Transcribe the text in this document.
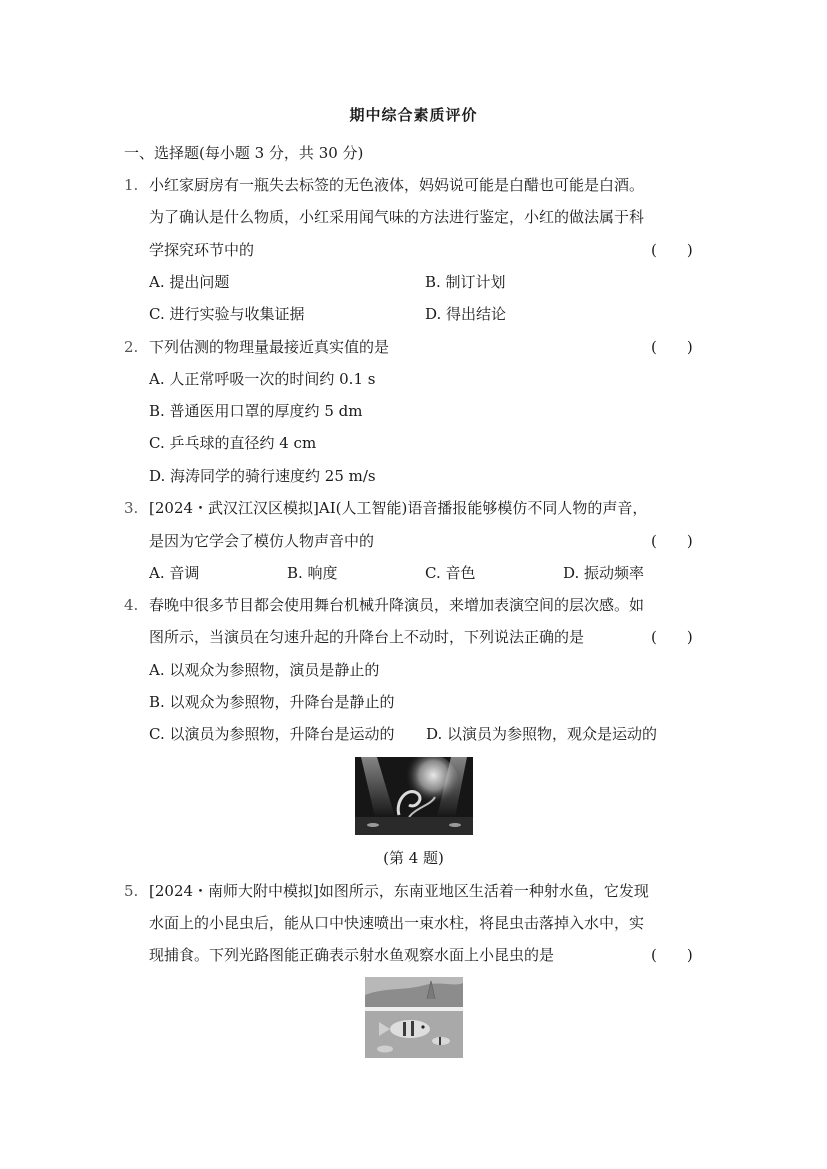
期中综合素质评价
一、选择题(每小题 3 分，共 30 分)
1. 小红家厨房有一瓶失去标签的无色液体，妈妈说可能是白醋也可能是白酒。
为了确认是什么物质，小红采用闻气味的方法进行鉴定，小红的做法属于科
学探究环节中的	(　　)
A. 提出问题	B. 制订计划
C. 进行实验与收集证据	D. 得出结论
2. 下列估测的物理量最接近真实值的是	(　　)
A. 人正常呼吸一次的时间约 0.1 s
B. 普通医用口罩的厚度约 5 dm
C. 乒乓球的直径约 4 cm
D. 海涛同学的骑行速度约 25 m/s
3. [2024・武汉江汉区模拟]AI(人工智能)语音播报能够模仿不同人物的声音，
是因为它学会了模仿人物声音中的	(　　)
A. 音调	B. 响度	C. 音色	D. 振动频率
4. 春晚中很多节目都会使用舞台机械升降演员，来增加表演空间的层次感。如
图所示，当演员在匀速升起的升降台上不动时，下列说法正确的是	(　　)
A. 以观众为参照物，演员是静止的
B. 以观众为参照物，升降台是静止的
C. 以演员为参照物，升降台是运动的 D. 以演员为参照物，观众是运动的
(第 4 题)
5. [2024・南师大附中模拟]如图所示，东南亚地区生活着一种射水鱼，它发现
水面上的小昆虫后，能从口中快速喷出一束水柱，将昆虫击落掉入水中，实
现捕食。下列光路图能正确表示射水鱼观察水面上小昆虫的是	(　　)
